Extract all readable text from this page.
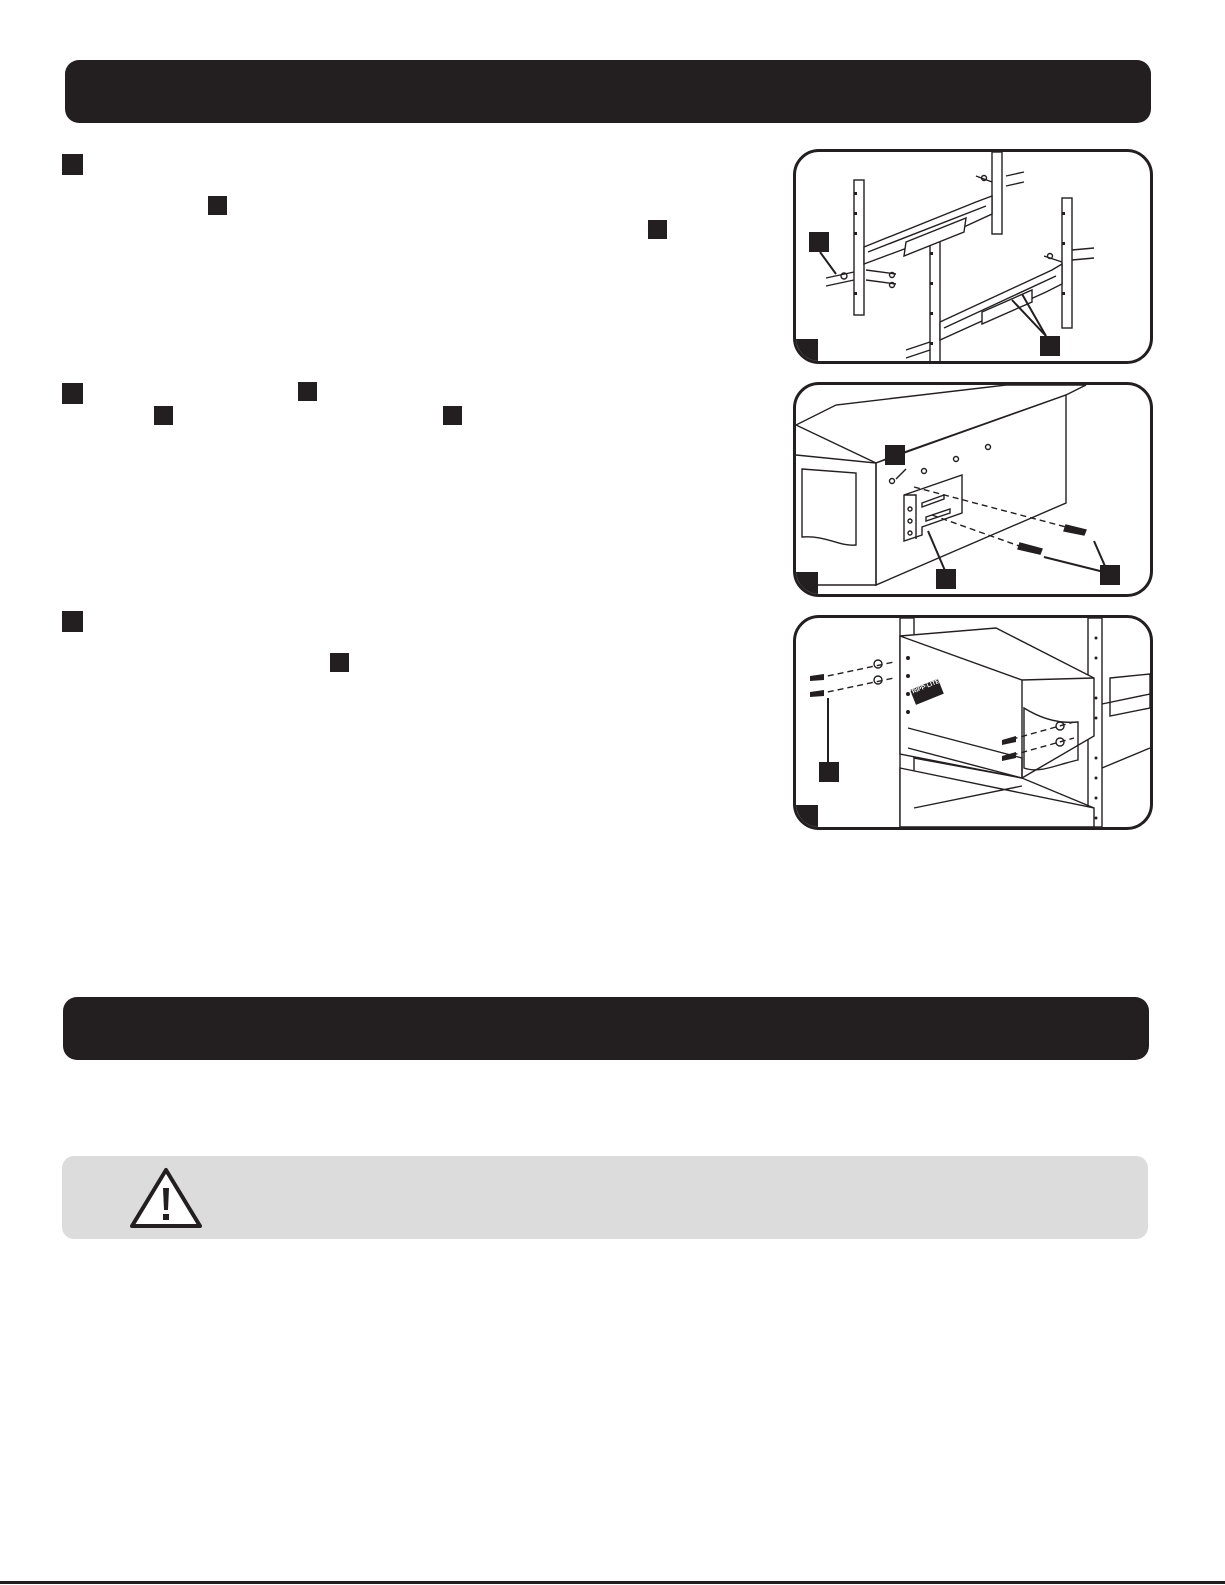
TRIPP·LITE
